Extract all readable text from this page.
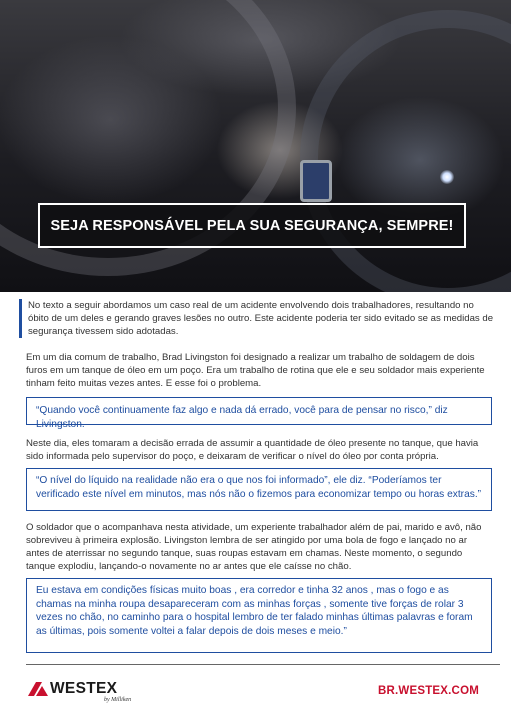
SEJA RESPONSÁVEL PELA SUA SEGURANÇA, SEMPRE!
No texto a seguir abordamos um caso real de um acidente envolvendo dois trabalhadores, resultando no óbito de um deles e gerando graves lesões no outro. Este acidente poderia ter sido evitado se as medidas de segurança tivessem sido adotadas.
Em um dia comum de trabalho, Brad Livingston foi designado a realizar um trabalho de soldagem de dois furos em um tanque de óleo em um poço. Era um trabalho de rotina que ele e seu soldador mais experiente tinham feito muitas vezes antes. E esse foi o problema.
“Quando você continuamente faz algo e nada dá errado, você para de pensar no risco,” diz Livingston.
Neste dia, eles tomaram a decisão errada de assumir a quantidade de óleo presente no tanque, que havia sido informada pelo supervisor do poço, e deixaram de verificar o nível do óleo por conta própria.
“O nível do líquido na realidade não era o que nos foi informado”, ele diz. “Poderíamos ter verificado este nível em minutos, mas nós não o fizemos para economizar tempo ou horas extras.”
O soldador que o acompanhava nesta atividade, um experiente trabalhador além de pai, marido e avô, não sobreviveu à primeira explosão. Livingston lembra de ser atingido por uma bola de fogo e lançado no ar antes de aterrissar no segundo tanque, suas roupas estavam em chamas. Neste momento, o segundo tanque explodiu, lançando-o novamente no ar antes que ele caísse no chão.
Eu estava em condições físicas muito boas , era corredor e tinha 32 anos , mas o fogo e as chamas na minha roupa desapareceram com as minhas forças , somente tive forças de rolar 3 vezes no chão, no caminho para o hospital lembro de ter falado minhas últimas palavras e foram as últimas, pois somente voltei a falar depois de dois meses e meio.”
WESTEX
by Milliken
BR.WESTEX.COM
